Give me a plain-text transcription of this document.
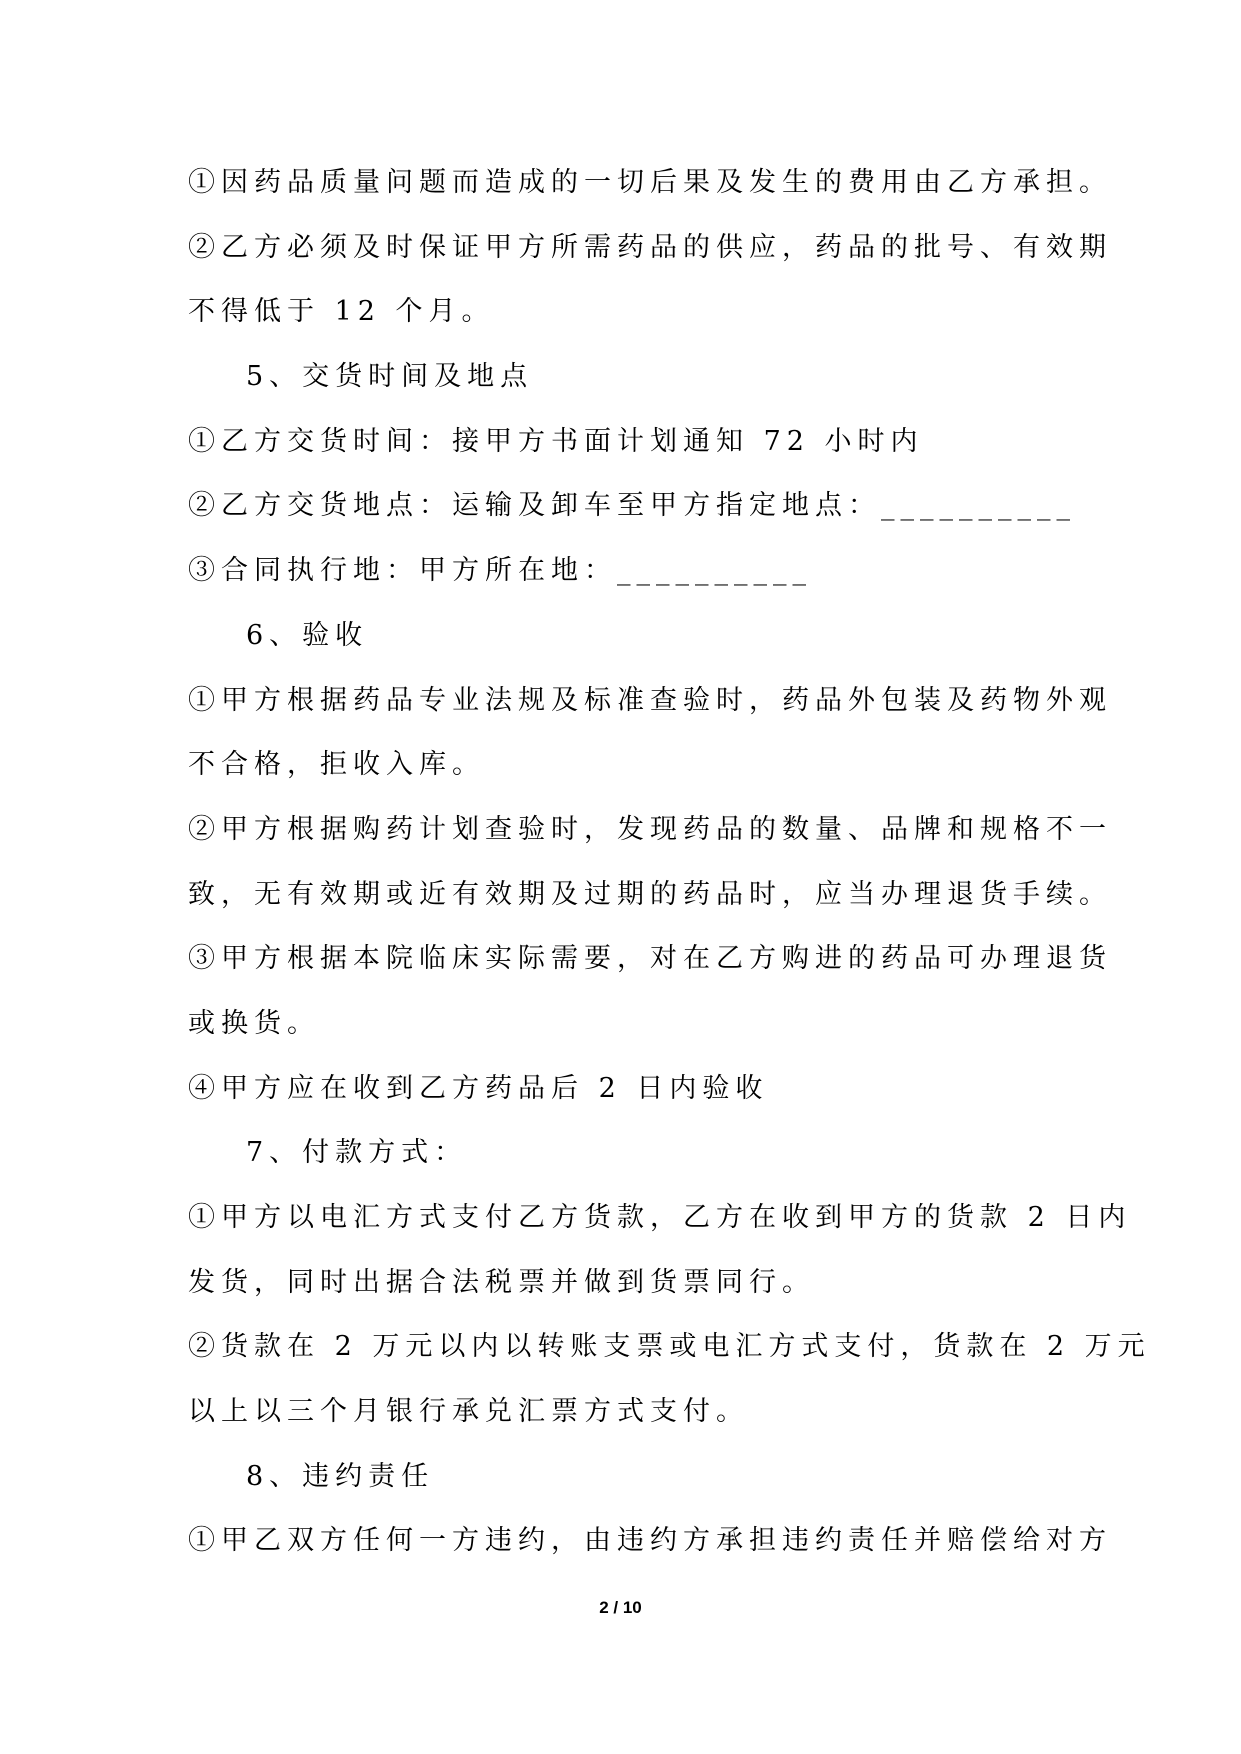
①因药品质量问题而造成的一切后果及发生的费用由乙方承担。
②乙方必须及时保证甲方所需药品的供应，药品的批号、有效期
不得低于 12 个月。
5、交货时间及地点
①乙方交货时间：接甲方书面计划通知 72 小时内
②乙方交货地点：运输及卸车至甲方指定地点：__________
③合同执行地：甲方所在地：__________
6、验收
①甲方根据药品专业法规及标准查验时，药品外包装及药物外观
不合格，拒收入库。
②甲方根据购药计划查验时，发现药品的数量、品牌和规格不一
致，无有效期或近有效期及过期的药品时，应当办理退货手续。
③甲方根据本院临床实际需要，对在乙方购进的药品可办理退货
或换货。
④甲方应在收到乙方药品后 2 日内验收
7、付款方式：
①甲方以电汇方式支付乙方货款，乙方在收到甲方的货款 2 日内
发货，同时出据合法税票并做到货票同行。
②货款在 2 万元以内以转账支票或电汇方式支付，货款在 2 万元
以上以三个月银行承兑汇票方式支付。
8、违约责任
①甲乙双方任何一方违约，由违约方承担违约责任并赔偿给对方
2 / 10
